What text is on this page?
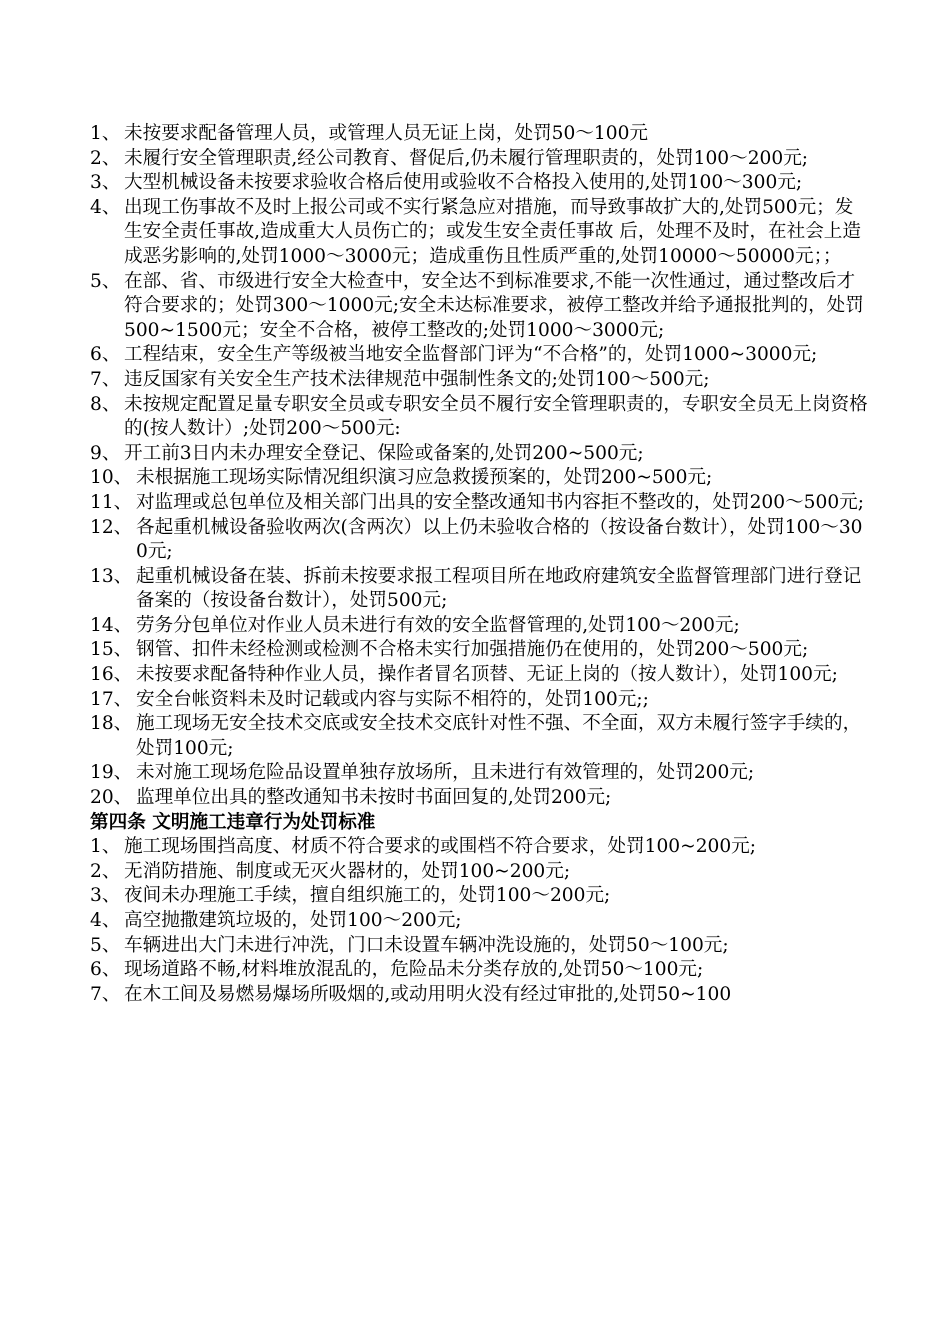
1、 未按要求配备管理人员，或管理人员无证上岗，处罚50～100元
2、 未履行安全管理职责,经公司教育、督促后,仍未履行管理职责的，处罚100～200元;
3、 大型机械设备未按要求验收合格后使用或验收不合格投入使用的,处罚100～300元;
4、 出现工伤事故不及时上报公司或不实行紧急应对措施，而导致事故扩大的,处罚500元；发生安全责任事故,造成重大人员伤亡的；或发生安全责任事故 后，处理不及时，在社会上造成恶劣影响的,处罚1000～3000元；造成重伤且性质严重的,处罚10000～50000元；；
5、 在部、省、市级进行安全大检查中，安全达不到标准要求,不能一次性通过，通过整改后才符合要求的；处罚300～1000元;安全未达标准要求，被停工整改并给予通报批判的，处罚500~1500元；安全不合格，被停工整改的;处罚1000～3000元;
6、 工程结束，安全生产等级被当地安全监督部门评为“不合格”的，处罚1000~3000元;
7、 违反国家有关安全生产技术法律规范中强制性条文的;处罚100～500元;
8、 未按规定配置足量专职安全员或专职安全员不履行安全管理职责的，专职安全员无上岗资格的(按人数计）;处罚200～500元:
9、 开工前3日内未办理安全登记、保险或备案的,处罚200~500元;
10、 未根据施工现场实际情况组织演习应急救援预案的，处罚200~500元;
11、 对监理或总包单位及相关部门出具的安全整改通知书内容拒不整改的，处罚200～500元;
12、 各起重机械设备验收两次(含两次）以上仍未验收合格的（按设备台数计），处罚100～300元;
13、 起重机械设备在装、拆前未按要求报工程项目所在地政府建筑安全监督管理部门进行登记备案的（按设备台数计），处罚500元;
14、 劳务分包单位对作业人员未进行有效的安全监督管理的,处罚100～200元;
15、 钢管、扣件未经检测或检测不合格未实行加强措施仍在使用的，处罚200～500元;
16、 未按要求配备特种作业人员，操作者冒名顶替、无证上岗的（按人数计），处罚100元;
17、 安全台帐资料未及时记载或内容与实际不相符的，处罚100元;;
18、 施工现场无安全技术交底或安全技术交底针对性不强、不全面，双方未履行签字手续的，处罚100元;
19、 未对施工现场危险品设置单独存放场所，且未进行有效管理的，处罚200元;
20、 监理单位出具的整改通知书未按时书面回复的,处罚200元;
第四条 文明施工违章行为处罚标准
1、 施工现场围挡高度、材质不符合要求的或围档不符合要求，处罚100~200元;
2、 无消防措施、制度或无灭火器材的，处罚100~200元;
3、 夜间未办理施工手续，擅自组织施工的，处罚100～200元;
4、 高空抛撒建筑垃圾的，处罚100～200元;
5、 车辆进出大门未进行冲洗，门口未设置车辆冲洗设施的，处罚50～100元;
6、 现场道路不畅,材料堆放混乱的，危险品未分类存放的,处罚50～100元;
7、 在木工间及易燃易爆场所吸烟的,或动用明火没有经过审批的,处罚50~100
